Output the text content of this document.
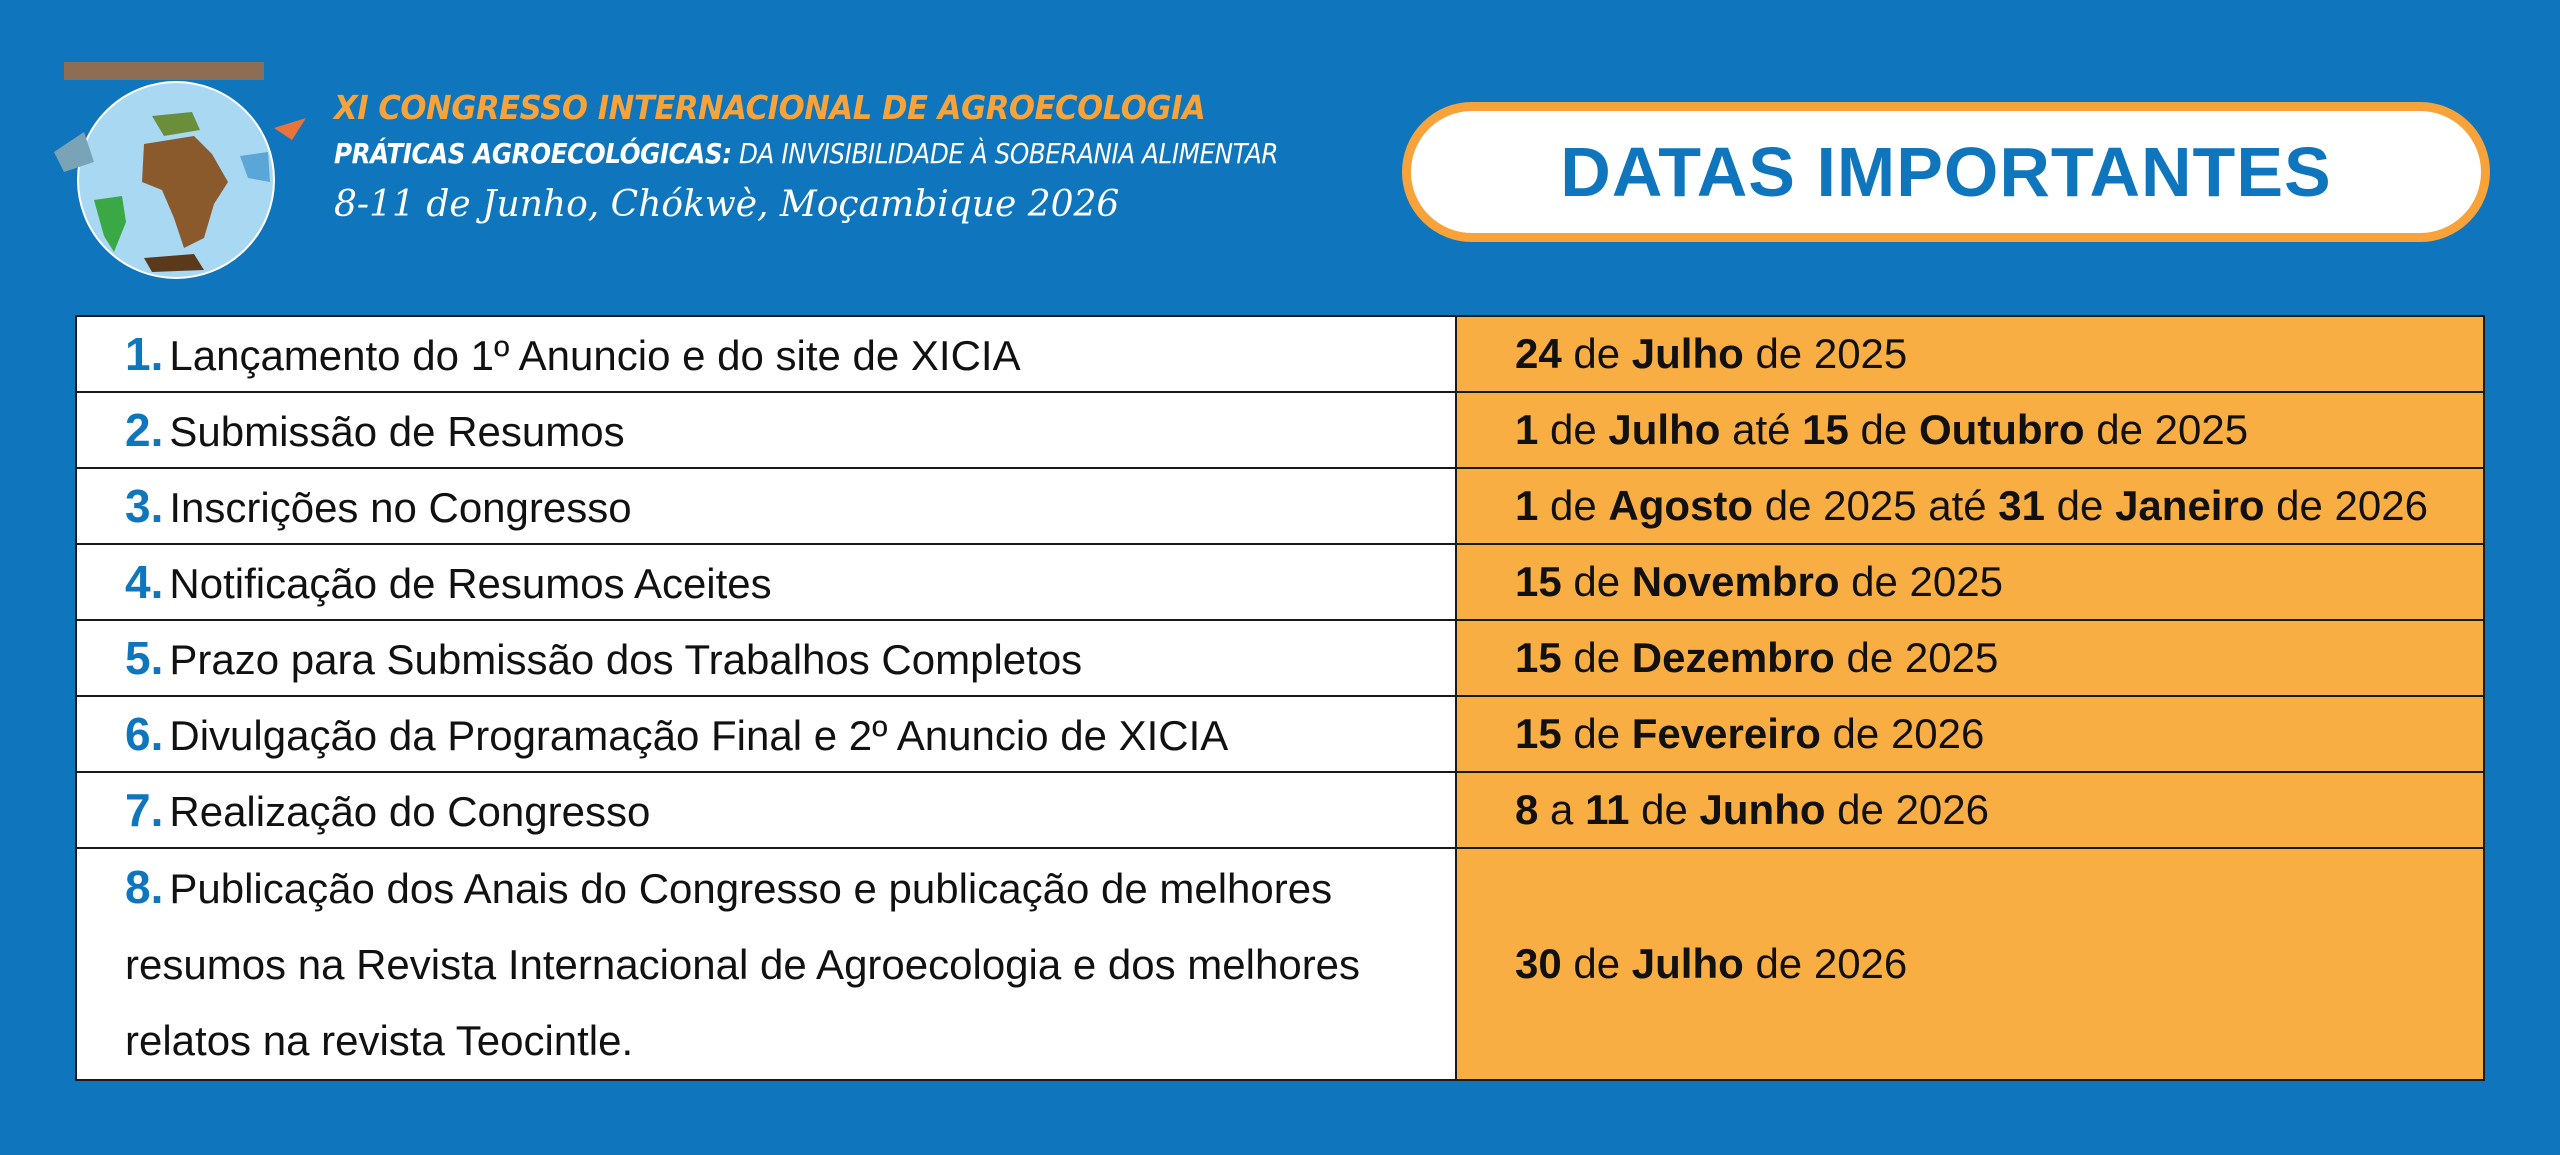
XI CONGRESSO INTERNACIONAL DE AGROECOLOGIA
PRÁTICAS AGROECOLÓGICAS: DA INVISIBILIDADE À SOBERANIA ALIMENTAR
8-11 de Junho, Chókwè, Moçambique 2026	DATAS IMPORTANTES
1. Lançamento do 1º Anuncio e do site de XICIA	24 de Julho de 2025
2. Submissão de Resumos	1 de Julho até 15 de Outubro de 2025
3. Inscrições no Congresso	1 de Agosto de 2025 até 31 de Janeiro de 2026
4. Notificação de Resumos Aceites	15 de Novembro de 2025
5. Prazo para Submissão dos Trabalhos Completos	15 de Dezembro de 2025
6. Divulgação da Programação Final e 2º Anuncio de XICIA	15 de Fevereiro de 2026
7. Realização do Congresso	8 a 11 de Junho de 2026
8. Publicação dos Anais do Congresso e publicação de melhores resumos na Revista Internacional de Agroecologia e dos melhores relatos na revista Teocintle.	30 de Julho de 2026
